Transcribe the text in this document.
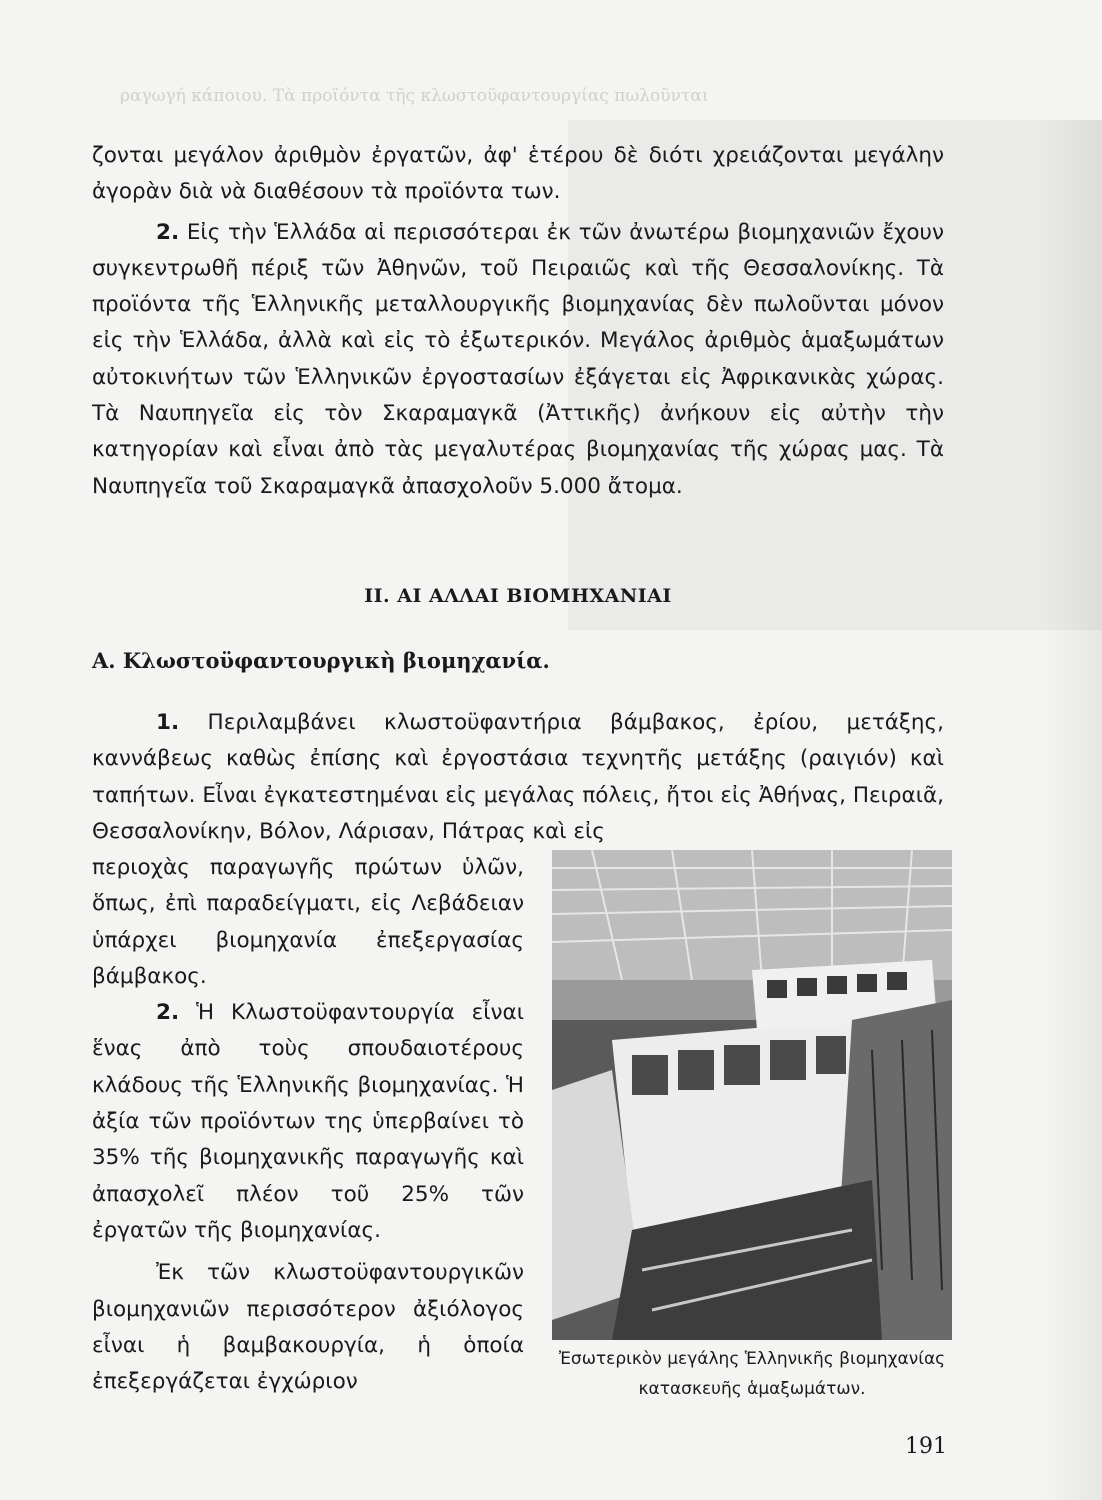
ραγωγή κάποιου. Τὰ προϊόντα τῆς κλωστοϋφαντουργίας πωλοῦνται

ζονται μεγάλον ἀριθμὸν ἐργατῶν, ἀφ' ἑτέρου δὲ διότι χρειάζονται μεγάλην ἀγορὰν διὰ νὰ διαθέσουν τὰ προϊόντα των.

2. Εἰς τὴν Ἑλλάδα αἱ περισσότεραι ἐκ τῶν ἀνωτέρω βιομηχανιῶν ἔχουν συγκεντρωθῆ πέριξ τῶν Ἀθηνῶν, τοῦ Πειραιῶς καὶ τῆς Θεσσαλονίκης. Τὰ προϊόντα τῆς Ἑλληνικῆς μεταλλουργικῆς βιομηχανίας δὲν πωλοῦνται μόνον εἰς τὴν Ἑλλάδα, ἀλλὰ καὶ εἰς τὸ ἐξωτερικόν. Μεγάλος ἀριθμὸς ἁμαξωμάτων αὐτοκινήτων τῶν Ἑλληνικῶν ἐργοστασίων ἐξάγεται εἰς Ἀφρικανικὰς χώρας. Τὰ Ναυπηγεῖα εἰς τὸν Σκαραμαγκᾶ (Ἀττικῆς) ἀνήκουν εἰς αὐτὴν τὴν κατηγορίαν καὶ εἶναι ἀπὸ τὰς μεγαλυτέρας βιομηχανίας τῆς χώρας μας. Τὰ Ναυπηγεῖα τοῦ Σκαραμαγκᾶ ἀπασχολοῦν 5.000 ἄτομα.

II. ΑΙ ΑΛΛΑΙ ΒΙΟΜΗΧΑΝΙΑΙ
Α. Κλωστοϋφαντουργικὴ βιομηχανία.

1. Περιλαμβάνει κλωστοϋφαντήρια βάμβακος, ἐρίου, μετάξης, καννάβεως καθὼς ἐπίσης καὶ ἐργοστάσια τεχνητῆς μετάξης (ραιγιόν) καὶ ταπήτων. Εἶναι ἐγκατεστημέναι εἰς μεγάλας πόλεις, ἤτοι εἰς Ἀθήνας, Πειραιᾶ, Θεσσαλονίκην, Βόλον, Λάρισαν, Πάτρας καὶ εἰς

περιοχὰς παραγωγῆς πρώτων ὑλῶν, ὅπως, ἐπὶ παραδείγματι, εἰς Λεβάδειαν ὑπάρχει βιομηχανία ἐπεξεργασίας βάμβακος.

2. Ἡ Κλωστοϋφαντουργία εἶναι ἕνας ἀπὸ τοὺς σπουδαιοτέρους κλάδους τῆς Ἑλληνικῆς βιομηχανίας. Ἡ ἀξία τῶν προϊόντων της ὑπερβαίνει τὸ 35% τῆς βιομηχανικῆς παραγωγῆς καὶ ἀπασχολεῖ πλέον τοῦ 25% τῶν ἐργατῶν τῆς βιομηχανίας.

Ἐκ τῶν κλωστοϋφαντουργικῶν βιομηχανιῶν περισσότερον ἀξιόλογος εἶναι ἡ βαμβακουργία, ἡ ὁποία ἐπεξεργάζεται ἐγχώριον

Ἐσωτερικὸν μεγάλης Ἑλληνικῆς βιομηχανίας κατασκευῆς ἁμαξωμάτων.
191
